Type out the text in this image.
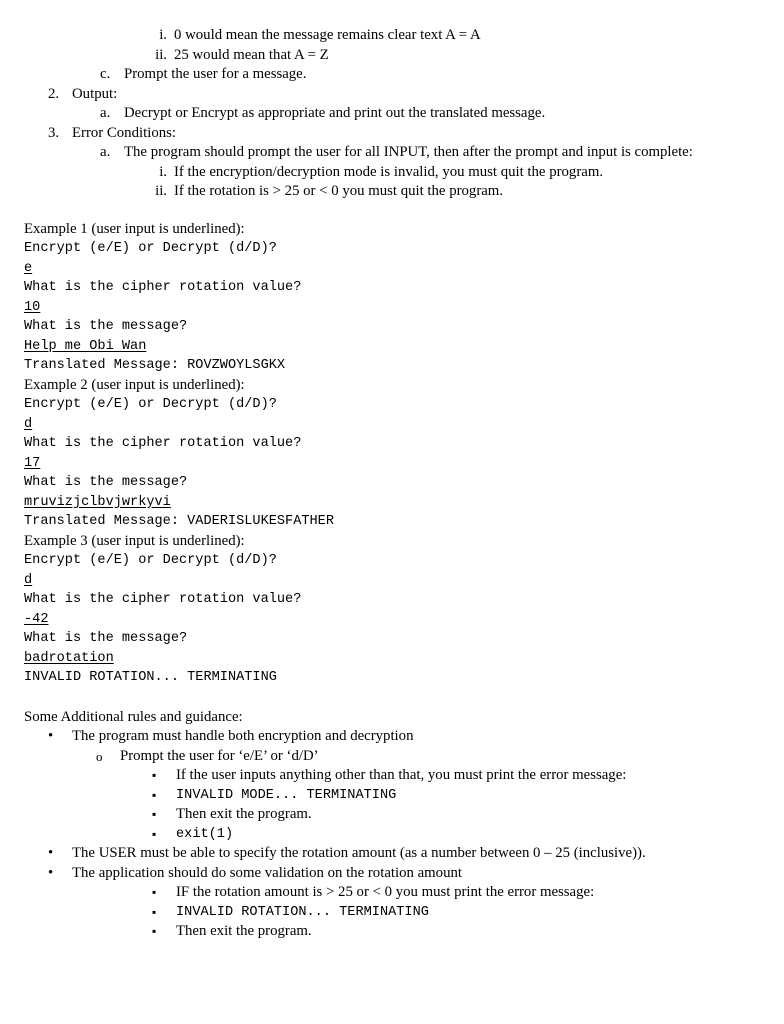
i. 0 would mean the message remains clear text A = A
ii. 25 would mean that A = Z
c. Prompt the user for a message.
2. Output:
a. Decrypt or Encrypt as appropriate and print out the translated message.
3. Error Conditions:
a. The program should prompt the user for all INPUT, then after the prompt and input is complete:
i. If the encryption/decryption mode is invalid, you must quit the program.
ii. If the rotation is > 25 or < 0 you must quit the program.
Example 1 (user input is underlined):
Encrypt (e/E) or Decrypt (d/D)?
e
What is the cipher rotation value?
10
What is the message?
Help me Obi Wan
Translated Message: ROVZWOYLSGKX
Example 2 (user input is underlined):
Encrypt (e/E) or Decrypt (d/D)?
d
What is the cipher rotation value?
17
What is the message?
mruvizjclbvjwrkyvi
Translated Message: VADERISLUKESFATHER
Example 3 (user input is underlined):
Encrypt (e/E) or Decrypt (d/D)?
d
What is the cipher rotation value?
-42
What is the message?
badrotation
INVALID ROTATION... TERMINATING

Some Additional rules and guidance:

•	The program must handle both encryption and decryption
o	Prompt the user for ‘e/E’ or ‘d/D’
▪	If the user inputs anything other than that, you must print the error message:
▪	INVALID MODE... TERMINATING
▪	Then exit the program.
▪	exit(1)
•	The USER must be able to specify the rotation amount (as a number between 0 – 25 (inclusive)).
•	The application should do some validation on the rotation amount
▪	IF the rotation amount is > 25 or < 0 you must print the error message:
▪	INVALID ROTATION... TERMINATING
▪	Then exit the program.
